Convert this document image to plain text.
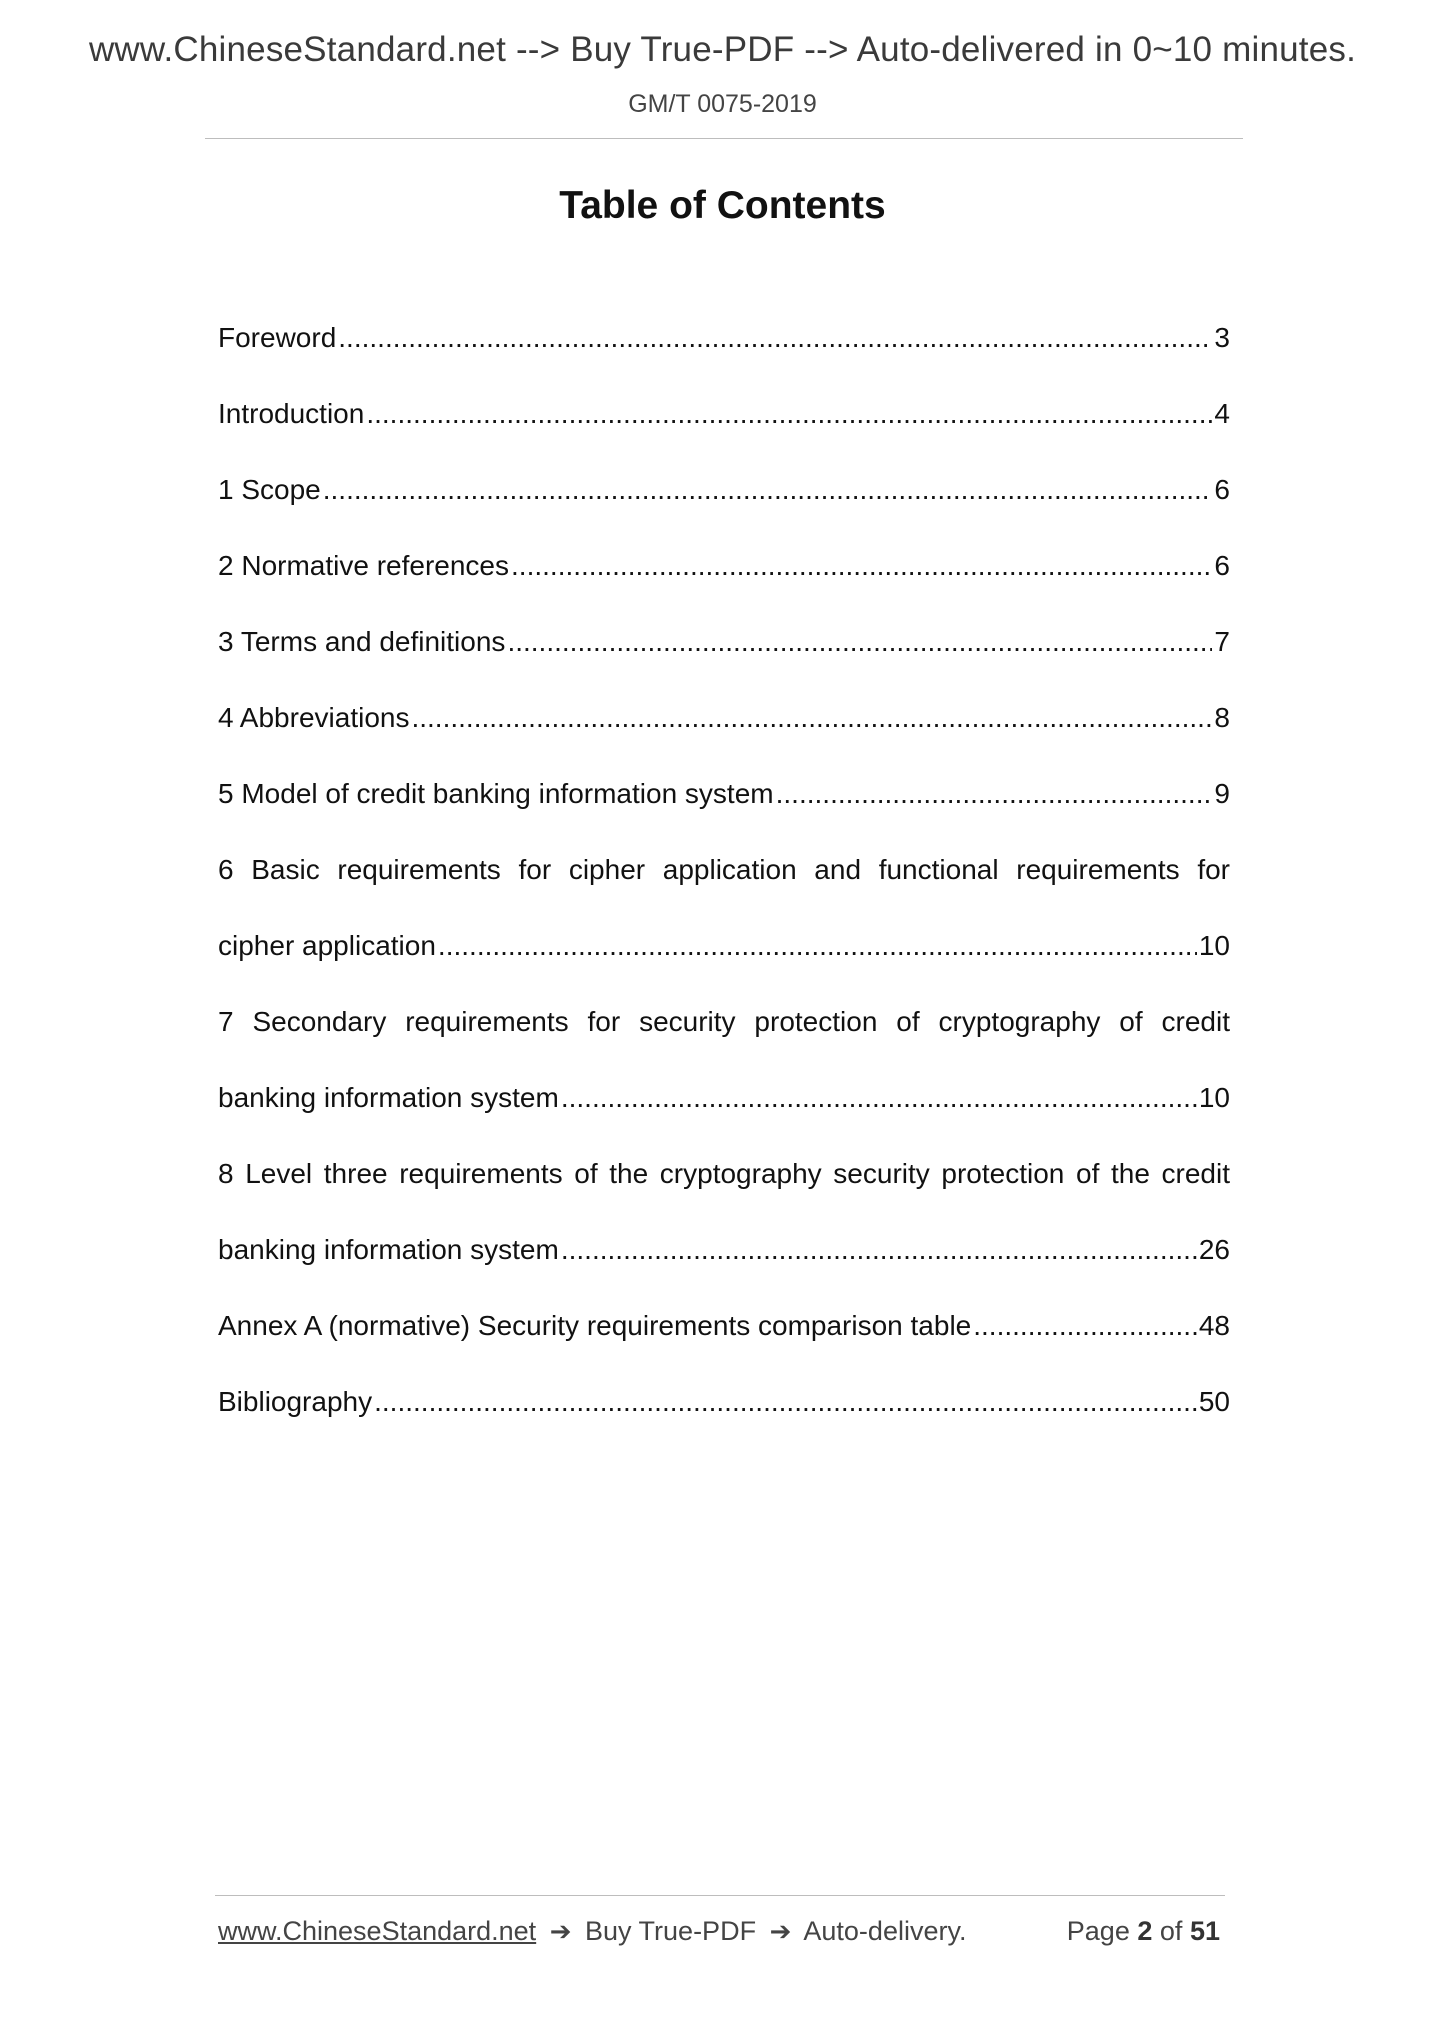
www.ChineseStandard.net --> Buy True-PDF --> Auto-delivered in 0~10 minutes.
GM/T 0075-2019
Table of Contents
Foreword .....	3
Introduction .....	4
1 Scope .....	6
2 Normative references .....	6
3 Terms and definitions .....	7
4 Abbreviations .....	8
5 Model of credit banking information system .....	9
6 Basic requirements for cipher application and functional requirements for
cipher application .....	10
7 Secondary requirements for security protection of cryptography of credit
banking information system .....	10
8 Level three requirements of the cryptography security protection of the credit
banking information system .....	26
Annex A (normative) Security requirements comparison table .....	48
Bibliography .....	50
www.ChineseStandard.net ➔ Buy True-PDF ➔ Auto-delivery.	Page 2 of 51
